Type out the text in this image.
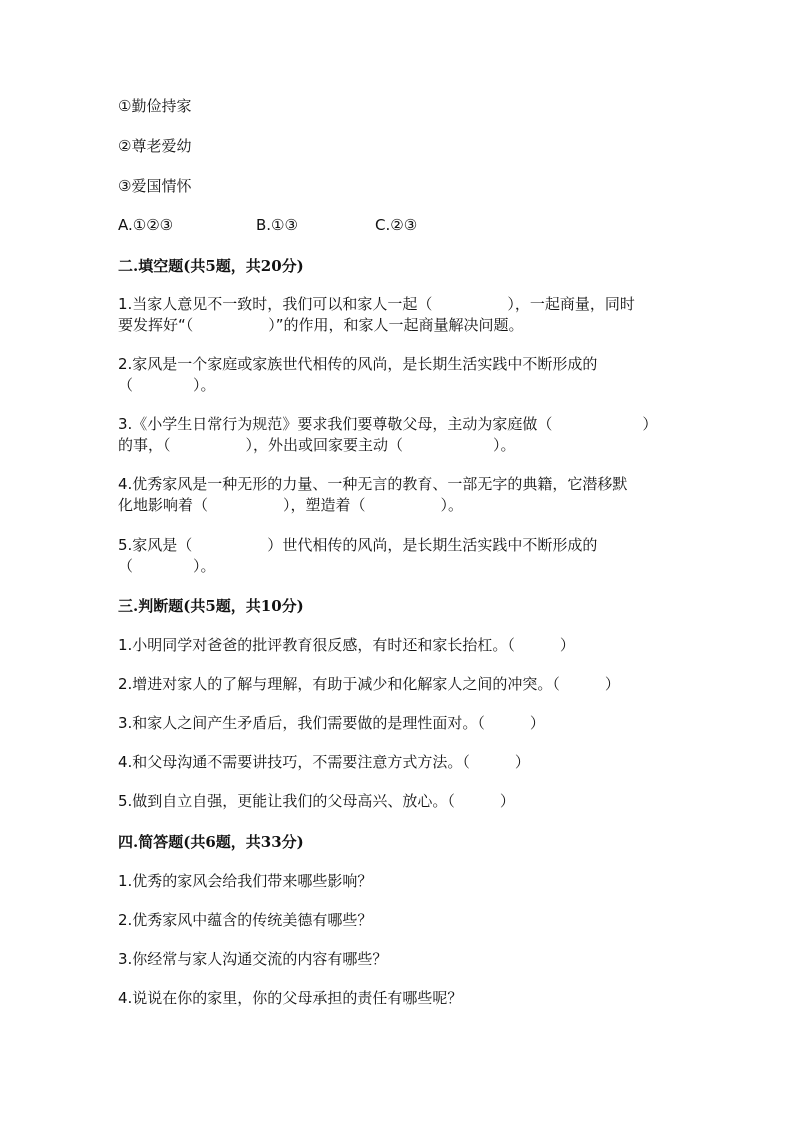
①勤俭持家
②尊老爱幼
③爱国情怀
A.①②③	B.①③	C.②③
二.填空题(共5题，共20分)
1.当家人意见不一致时，我们可以和家人一起（　　　　　），一起商量，同时
要发挥好“（　　　　　）”的作用，和家人一起商量解决问题。
2.家风是一个家庭或家族世代相传的风尚，是长期生活实践中不断形成的
（　　　　）。
3.《小学生日常行为规范》要求我们要尊敬父母，主动为家庭做（　　　　　　）
的事，（　　　　　），外出或回家要主动（　　　　　　）。
4.优秀家风是一种无形的力量、一种无言的教育、一部无字的典籍，它潜移默
化地影响着（　　　　　），塑造着（　　　　　）。
5.家风是（　　　　　）世代相传的风尚，是长期生活实践中不断形成的
（　　　　）。
三.判断题(共5题，共10分)
1.小明同学对爸爸的批评教育很反感，有时还和家长抬杠。（　　　）
2.增进对家人的了解与理解，有助于减少和化解家人之间的冲突。（　　　）
3.和家人之间产生矛盾后，我们需要做的是理性面对。（　　　）
4.和父母沟通不需要讲技巧，不需要注意方式方法。（　　　）
5.做到自立自强，更能让我们的父母高兴、放心。（　　　）
四.简答题(共6题，共33分)
1.优秀的家风会给我们带来哪些影响？
2.优秀家风中蕴含的传统美德有哪些？
3.你经常与家人沟通交流的内容有哪些？
4.说说在你的家里，你的父母承担的责任有哪些呢？
